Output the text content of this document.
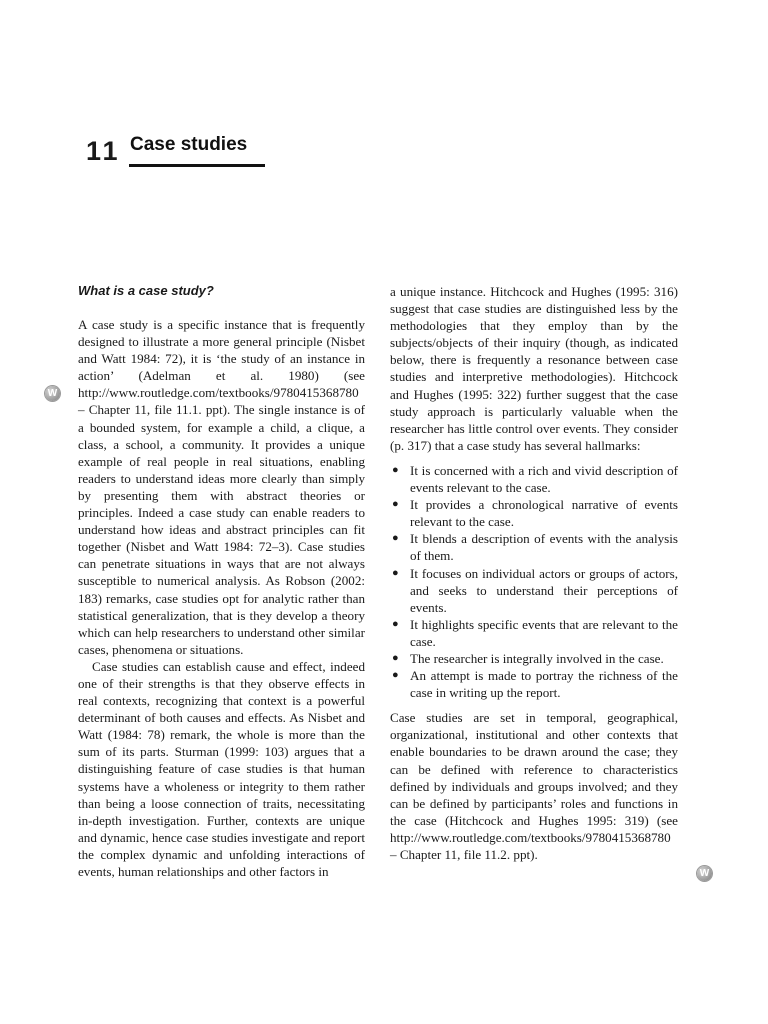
11 Case studies
What is a case study?
W

A case study is a specific instance that is frequently designed to illustrate a more general principle (Nisbet and Watt 1984: 72), it is ‘the study of an instance in action’ (Adelman et al. 1980) (see http://www.routledge.com/textbooks/9780415368780 – Chapter 11, file 11.1. ppt). The single instance is of a bounded system, for example a child, a clique, a class, a school, a community. It provides a unique example of real people in real situations, enabling readers to understand ideas more clearly than simply by presenting them with abstract theories or principles. Indeed a case study can enable readers to understand how ideas and abstract principles can fit together (Nisbet and Watt 1984: 72–3). Case studies can penetrate situations in ways that are not always susceptible to numerical analysis. As Robson (2002: 183) remarks, case studies opt for analytic rather than statistical generalization, that is they develop a theory which can help researchers to understand other similar cases, phenomena or situations.

Case studies can establish cause and effect, indeed one of their strengths is that they observe effects in real contexts, recognizing that context is a powerful determinant of both causes and effects. As Nisbet and Watt (1984: 78) remark, the whole is more than the sum of its parts. Sturman (1999: 103) argues that a distinguishing feature of case studies is that human systems have a wholeness or integrity to them rather than being a loose connection of traits, necessitating in-depth investigation. Further, contexts are unique and dynamic, hence case studies investigate and report the complex dynamic and unfolding interactions of events, human relationships and other factors in

a unique instance. Hitchcock and Hughes (1995: 316) suggest that case studies are distinguished less by the methodologies that they employ than by the subjects/objects of their inquiry (though, as indicated below, there is frequently a resonance between case studies and interpretive methodologies). Hitchcock and Hughes (1995: 322) further suggest that the case study approach is particularly valuable when the researcher has little control over events. They consider (p. 317) that a case study has several hallmarks:

● It is concerned with a rich and vivid description of events relevant to the case.
● It provides a chronological narrative of events relevant to the case.
● It blends a description of events with the analysis of them.
● It focuses on individual actors or groups of actors, and seeks to understand their perceptions of events.
● It highlights specific events that are relevant to the case.
● The researcher is integrally involved in the case.
● An attempt is made to portray the richness of the case in writing up the report.

Case studies are set in temporal, geographical, organizational, institutional and other contexts that enable boundaries to be drawn around the case; they can be defined with reference to characteristics defined by individuals and groups involved; and they can be defined by participants’ roles and functions in the case (Hitchcock and Hughes 1995: 319) (see http://www.routledge.com/textbooks/9780415368780 – Chapter 11, file 11.2. ppt).

W
